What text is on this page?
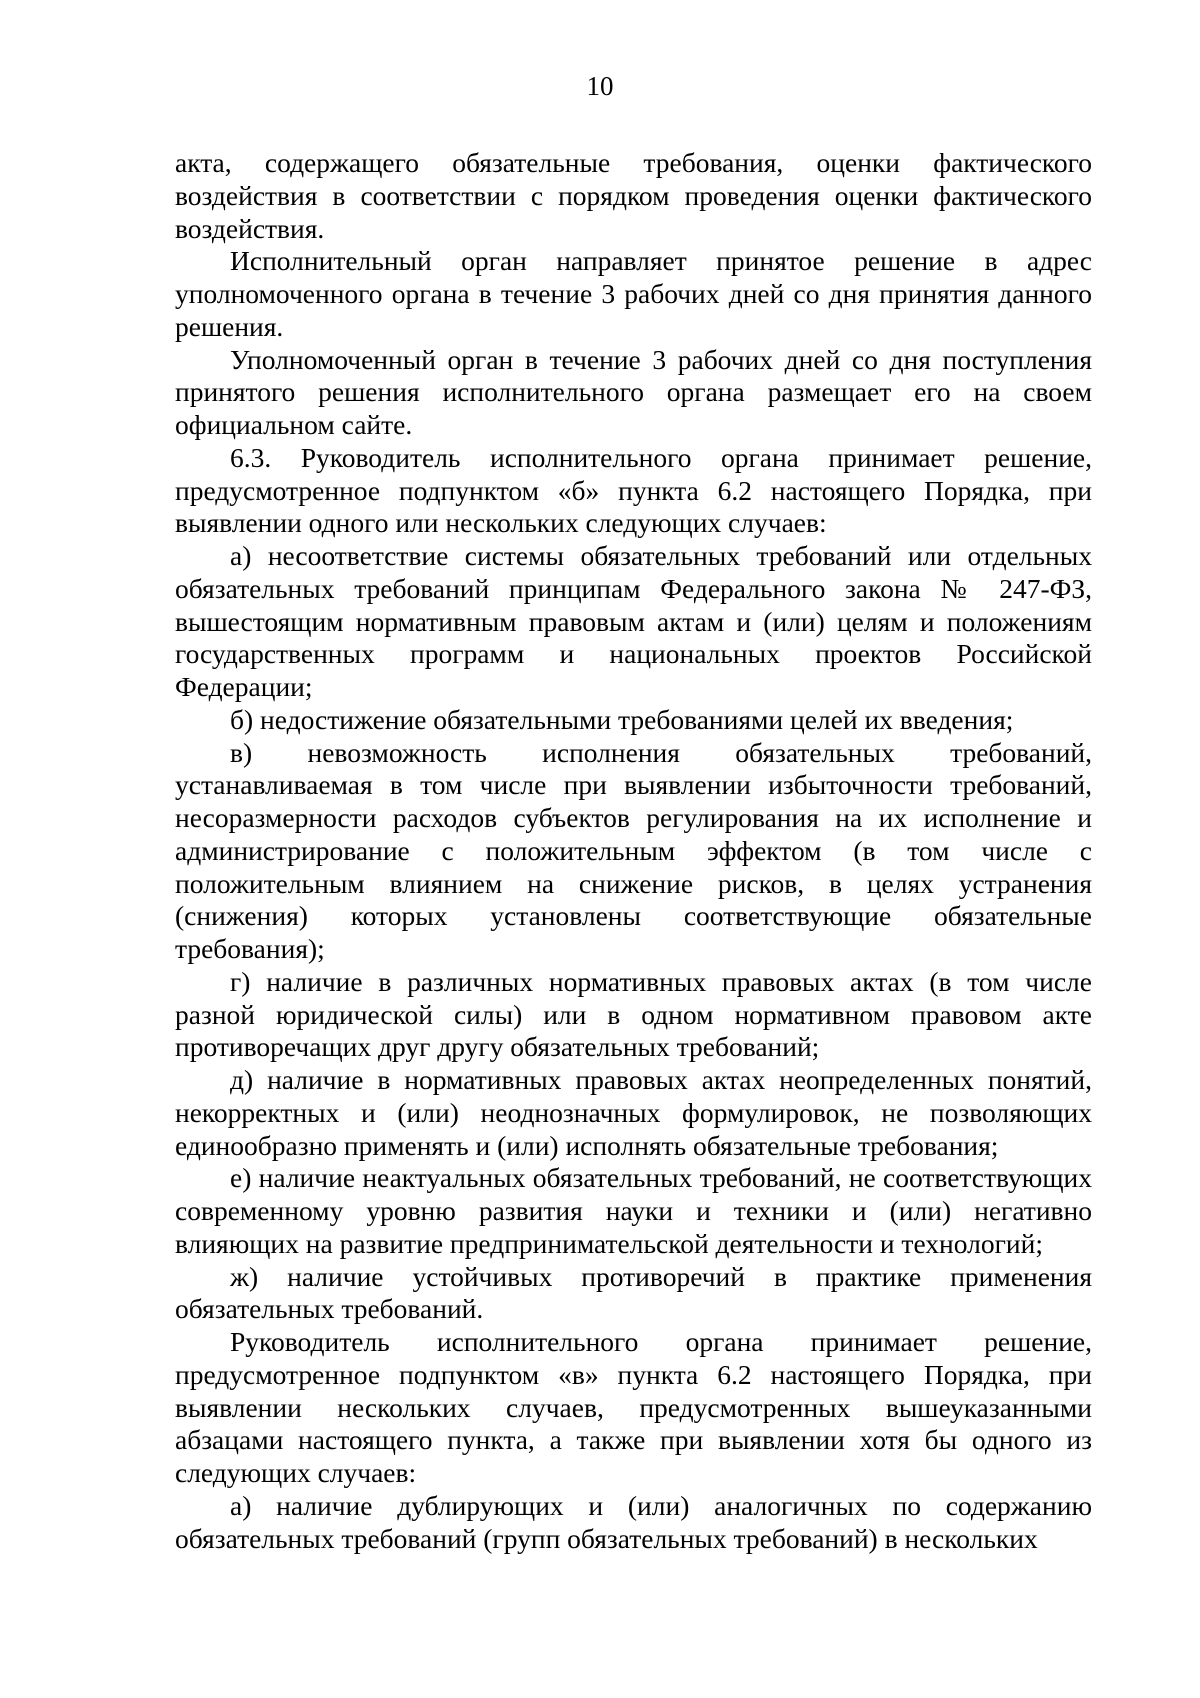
10

акта, содержащего обязательные требования, оценки фактического воздействия в соответствии с порядком проведения оценки фактического воздействия.

Исполнительный орган направляет принятое решение в адрес уполномоченного органа в течение 3 рабочих дней со дня принятия данного решения.

Уполномоченный орган в течение 3 рабочих дней со дня поступления принятого решения исполнительного органа размещает его на своем официальном сайте.

6.3. Руководитель исполнительного органа принимает решение, предусмотренное подпунктом «б» пункта 6.2 настоящего Порядка, при выявлении одного или нескольких следующих случаев:

а) несоответствие системы обязательных требований или отдельных обязательных требований принципам Федерального закона № 247-ФЗ, вышестоящим нормативным правовым актам и (или) целям и положениям государственных программ и национальных проектов Российской Федерации;

б) недостижение обязательными требованиями целей их введения;

в) невозможность исполнения обязательных требований, устанавливаемая в том числе при выявлении избыточности требований, несоразмерности расходов субъектов регулирования на их исполнение и администрирование с положительным эффектом (в том числе с положительным влиянием на снижение рисков, в целях устранения (снижения) которых установлены соответствующие обязательные требования);

г) наличие в различных нормативных правовых актах (в том числе разной юридической силы) или в одном нормативном правовом акте противоречащих друг другу обязательных требований;

д) наличие в нормативных правовых актах неопределенных понятий, некорректных и (или) неоднозначных формулировок, не позволяющих единообразно применять и (или) исполнять обязательные требования;

е) наличие неактуальных обязательных требований, не соответствующих современному уровню развития науки и техники и (или) негативно влияющих на развитие предпринимательской деятельности и технологий;

ж) наличие устойчивых противоречий в практике применения обязательных требований.

Руководитель исполнительного органа принимает решение, предусмотренное подпунктом «в» пункта 6.2 настоящего Порядка, при выявлении нескольких случаев, предусмотренных вышеуказанными абзацами настоящего пункта, а также при выявлении хотя бы одного из следующих случаев:

а) наличие дублирующих и (или) аналогичных по содержанию обязательных требований (групп обязательных требований) в нескольких
